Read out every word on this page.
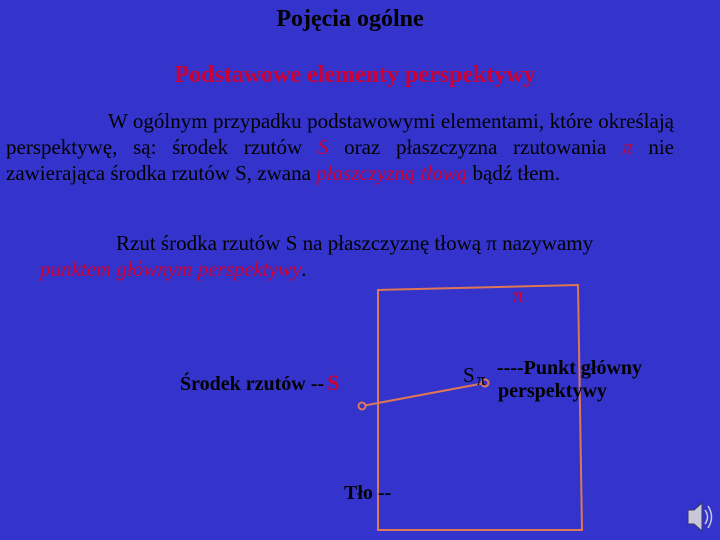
Pojęcia ogólne
Podstawowe elementy perspektywy
W ogólnym przypadku podstawowymi elementami, które określają perspektywę, są: środek rzutów S oraz płaszczyzna rzutowania π nie zawierająca środka rzutów S, zwana płaszczyzną tłową bądź tłem.
Rzut środka rzutów S na płaszczyznę tłową π nazywamy
punktem głównym perspektywy.
π
Środek rzutów -- S	S π
----Punkt główny
perspektywy
Tło --
